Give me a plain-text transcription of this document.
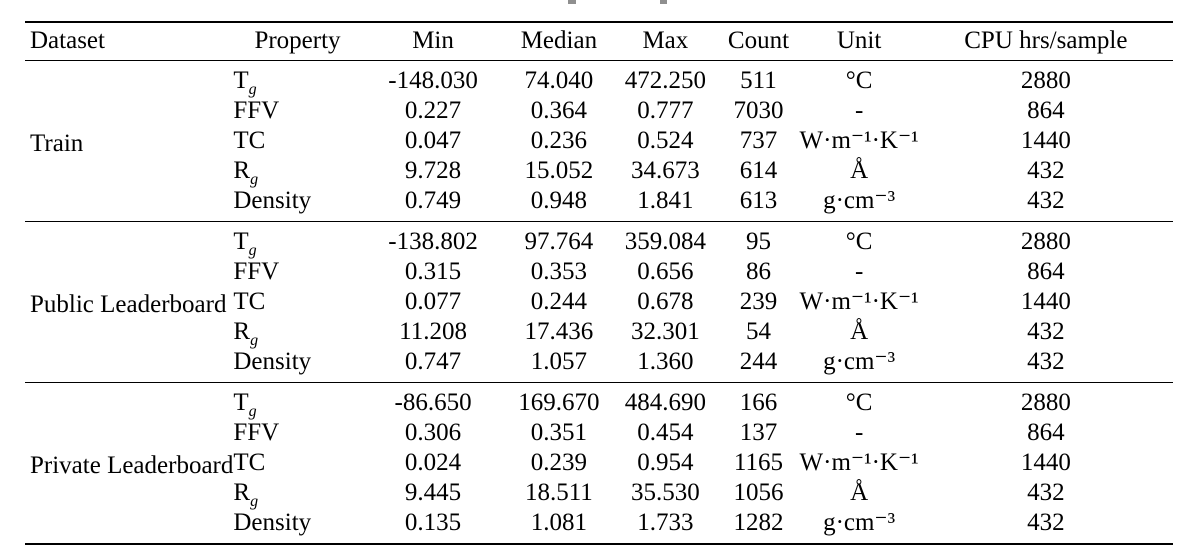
Dataset	Property	Min	Median	Max	Count	Unit	CPU hrs/sample
Train	$T_g$	-148.030	74.040	472.250	511	°C	2880
	FFV	0.227	0.364	0.777	7030	-	864
	TC	0.047	0.236	0.524	737	W·m⁻¹·K⁻¹	1440
	$R_g$	9.728	15.052	34.673	614	Å	432
	Density	0.749	0.948	1.841	613	g·cm⁻³	432
Public Leaderboard	$T_g$	-138.802	97.764	359.084	95	°C	2880
	FFV	0.315	0.353	0.656	86	-	864
	TC	0.077	0.244	0.678	239	W·m⁻¹·K⁻¹	1440
	$R_g$	11.208	17.436	32.301	54	Å	432
	Density	0.747	1.057	1.360	244	g·cm⁻³	432
Private Leaderboard	$T_g$	-86.650	169.670	484.690	166	°C	2880
	FFV	0.306	0.351	0.454	137	-	864
	TC	0.024	0.239	0.954	1165	W·m⁻¹·K⁻¹	1440
	$R_g$	9.445	18.511	35.530	1056	Å	432
	Density	0.135	1.081	1.733	1282	g·cm⁻³	432
